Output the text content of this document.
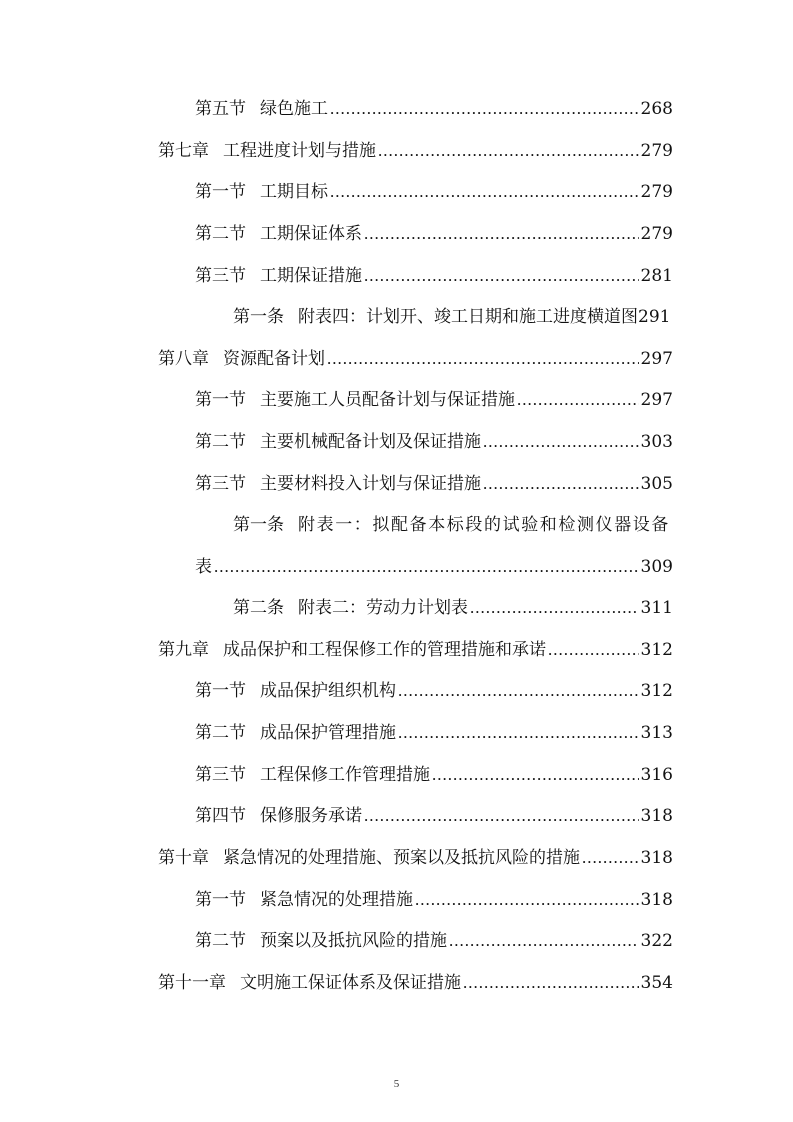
第五节 绿色施工 .....	268
第七章 工程进度计划与措施 .....	279
第一节 工期目标 .....	279
第二节 工期保证体系 .....	279
第三节 工期保证措施 .....	281
第一条 附表四：计划开、竣工日期和施工进度横道图 291
第八章 资源配备计划 .....	297
第一节 主要施工人员配备计划与保证措施 .....	297
第二节 主要机械配备计划及保证措施 .....	303
第三节 主要材料投入计划与保证措施 .....	305
第一条 附表一：拟配备本标段的试验和检测仪器设备
表 .....	309
第二条 附表二：劳动力计划表 .....	311
第九章 成品保护和工程保修工作的管理措施和承诺 .....	312
第一节 成品保护组织机构 .....	312
第二节 成品保护管理措施 .....	313
第三节 工程保修工作管理措施 .....	316
第四节 保修服务承诺 .....	318
第十章 紧急情况的处理措施、预案以及抵抗风险的措施 .....	318
第一节 紧急情况的处理措施 .....	318
第二节 预案以及抵抗风险的措施 .....	322
第十一章 文明施工保证体系及保证措施 .....	354
5
